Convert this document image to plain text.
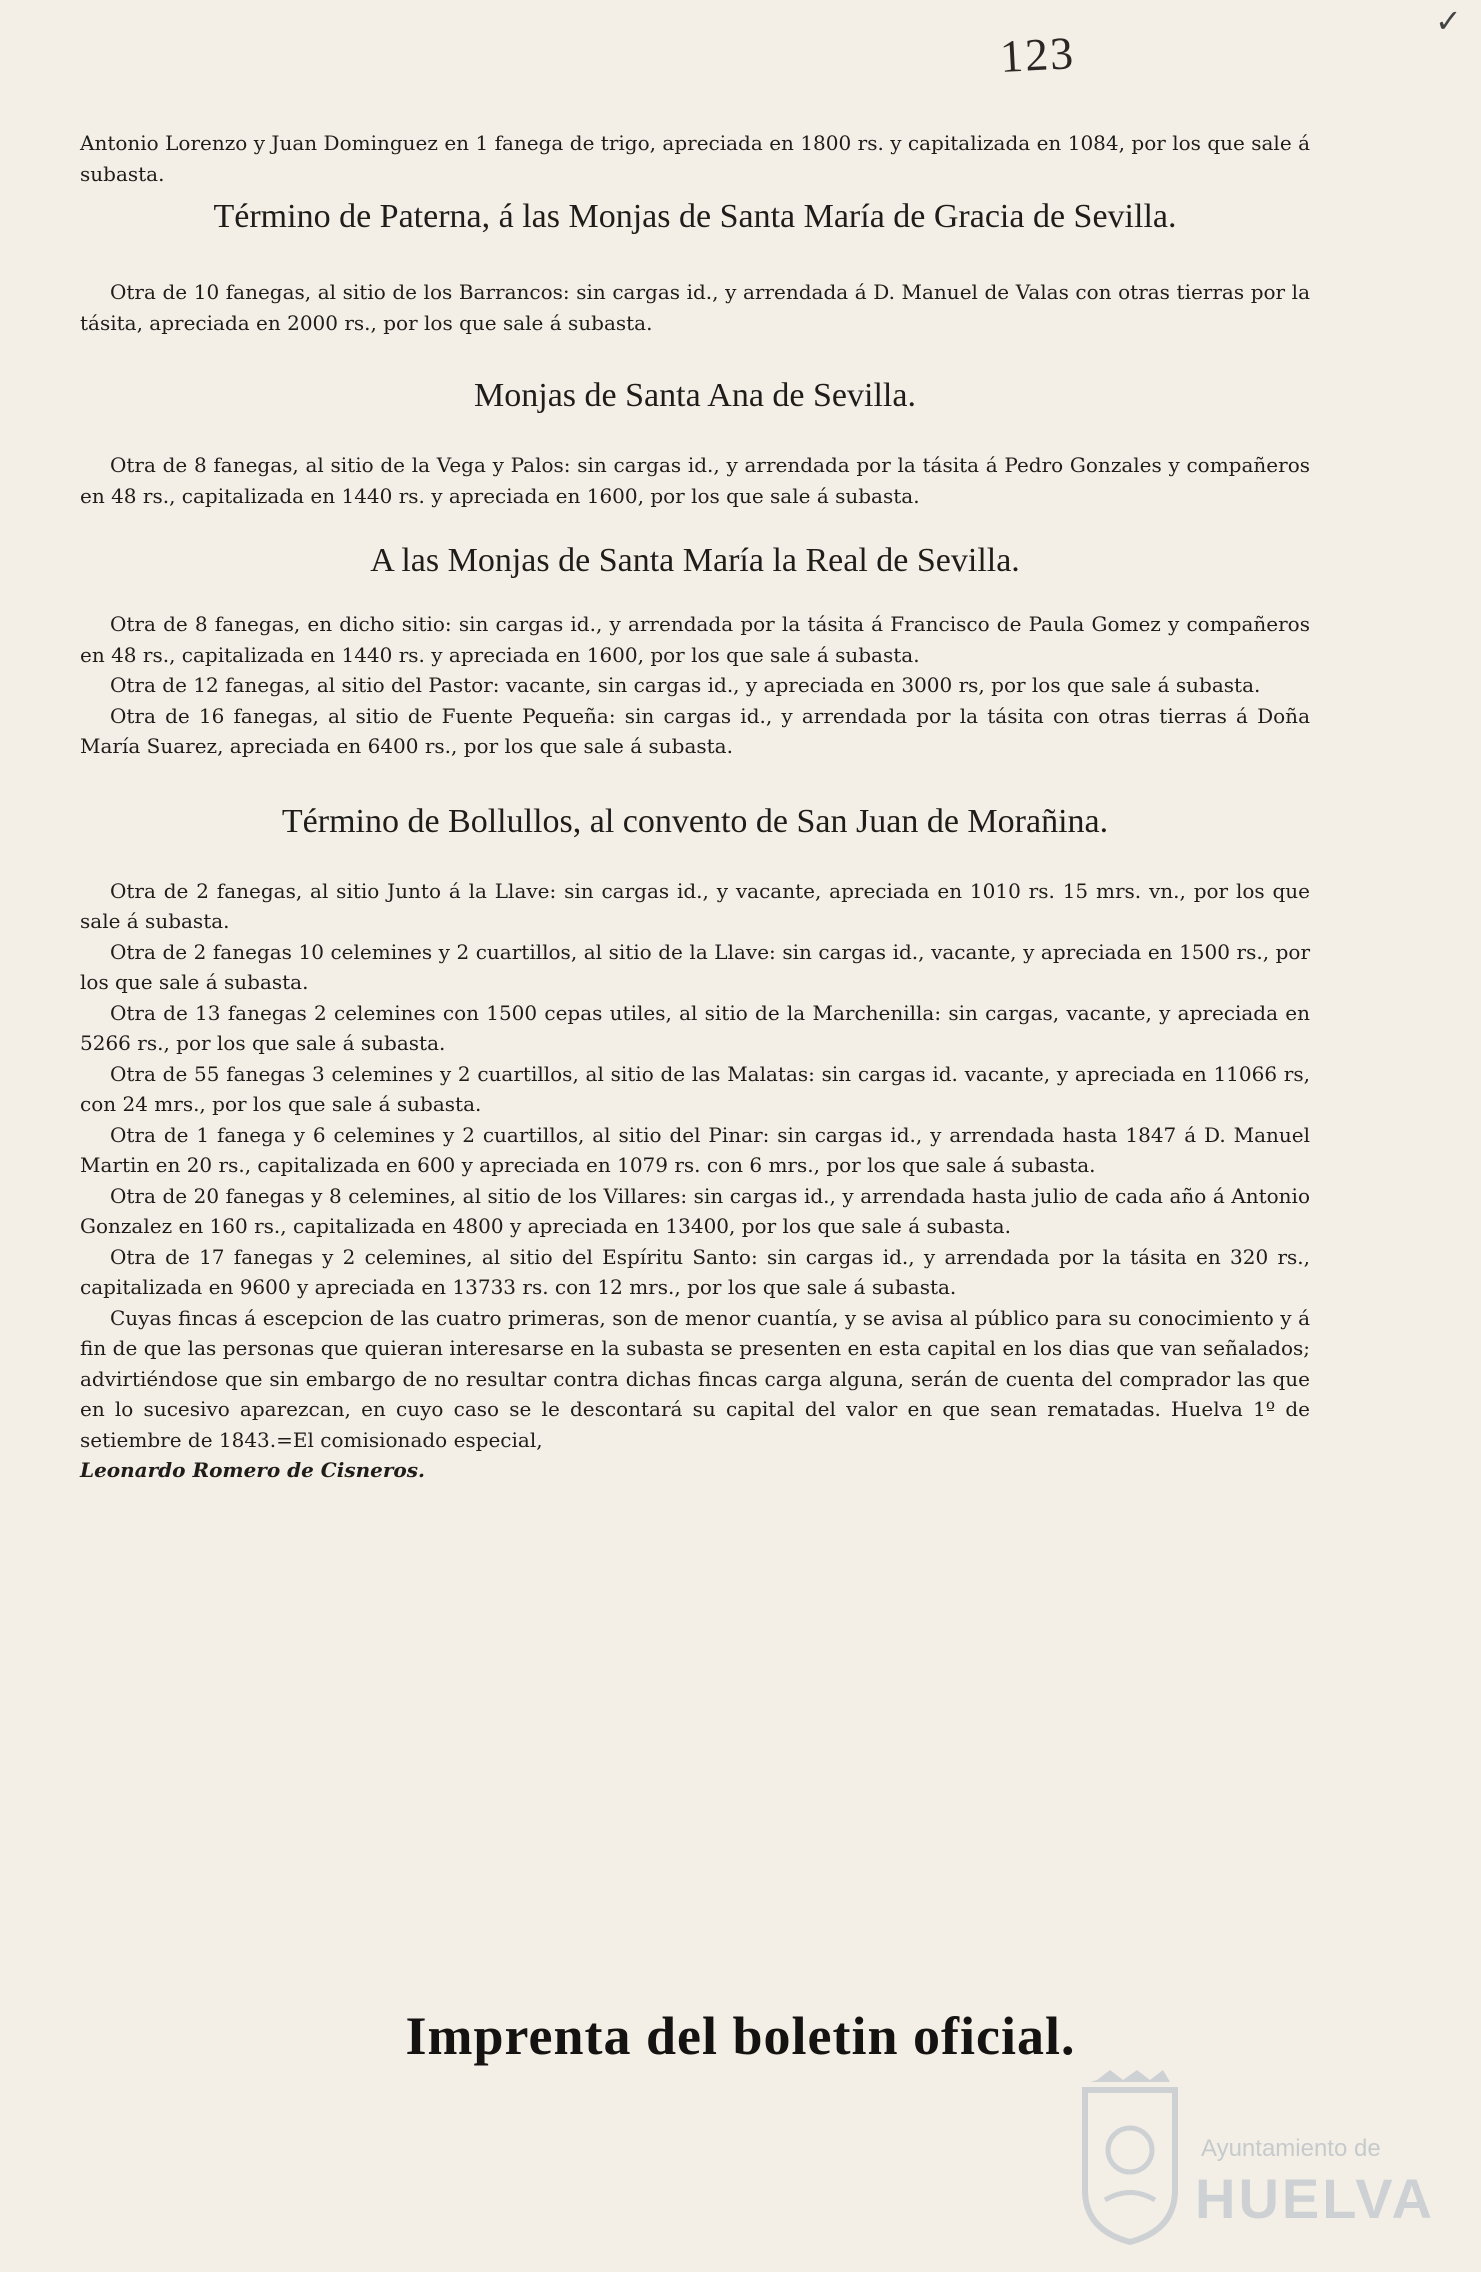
123
✓

Antonio Lorenzo y Juan Dominguez en 1 fanega de trigo, apreciada en 1800 rs. y capitalizada en 1084, por los que sale á subasta.

Término de Paterna, á las Monjas de Santa María de Gracia de Sevilla.

Otra de 10 fanegas, al sitio de los Barrancos: sin cargas id., y arrendada á D. Manuel de Valas con otras tierras por la tásita, apreciada en 2000 rs., por los que sale á subasta.

Monjas de Santa Ana de Sevilla.

Otra de 8 fanegas, al sitio de la Vega y Palos: sin cargas id., y arrendada por la tásita á Pedro Gonzales y compañeros en 48 rs., capitalizada en 1440 rs. y apreciada en 1600, por los que sale á subasta.

A las Monjas de Santa María la Real de Sevilla.

Otra de 8 fanegas, en dicho sitio: sin cargas id., y arrendada por la tásita á Francisco de Paula Gomez y compañeros en 48 rs., capitalizada en 1440 rs. y apreciada en 1600, por los que sale á subasta.

Otra de 12 fanegas, al sitio del Pastor: vacante, sin cargas id., y apreciada en 3000 rs, por los que sale á subasta.

Otra de 16 fanegas, al sitio de Fuente Pequeña: sin cargas id., y arrendada por la tásita con otras tierras á Doña María Suarez, apreciada en 6400 rs., por los que sale á subasta.

Término de Bollullos, al convento de San Juan de Morañina.

Otra de 2 fanegas, al sitio Junto á la Llave: sin cargas id., y vacante, apreciada en 1010 rs. 15 mrs. vn., por los que sale á subasta.

Otra de 2 fanegas 10 celemines y 2 cuartillos, al sitio de la Llave: sin cargas id., vacante, y apreciada en 1500 rs., por los que sale á subasta.

Otra de 13 fanegas 2 celemines con 1500 cepas utiles, al sitio de la Marchenilla: sin cargas, vacante, y apreciada en 5266 rs., por los que sale á subasta.

Otra de 55 fanegas 3 celemines y 2 cuartillos, al sitio de las Malatas: sin cargas id. vacante, y apreciada en 11066 rs, con 24 mrs., por los que sale á subasta.

Otra de 1 fanega y 6 celemines y 2 cuartillos, al sitio del Pinar: sin cargas id., y arrendada hasta 1847 á D. Manuel Martin en 20 rs., capitalizada en 600 y apreciada en 1079 rs. con 6 mrs., por los que sale á subasta.

Otra de 20 fanegas y 8 celemines, al sitio de los Villares: sin cargas id., y arrendada hasta julio de cada año á Antonio Gonzalez en 160 rs., capitalizada en 4800 y apreciada en 13400, por los que sale á subasta.

Otra de 17 fanegas y 2 celemines, al sitio del Espíritu Santo: sin cargas id., y arrendada por la tásita en 320 rs., capitalizada en 9600 y apreciada en 13733 rs. con 12 mrs., por los que sale á subasta.

Cuyas fincas á escepcion de las cuatro primeras, son de menor cuantía, y se avisa al público para su conocimiento y á fin de que las personas que quieran interesarse en la subasta se presenten en esta capital en los dias que van señalados; advirtiéndose que sin embargo de no resultar contra dichas fincas carga alguna, serán de cuenta del comprador las que en lo sucesivo aparezcan, en cuyo caso se le descontará su capital del valor en que sean rematadas. Huelva 1º de setiembre de 1843.=El comisionado especial,

Leonardo Romero de Cisneros.

Imprenta del boletin oficial.
Ayuntamiento de
HUELVA
